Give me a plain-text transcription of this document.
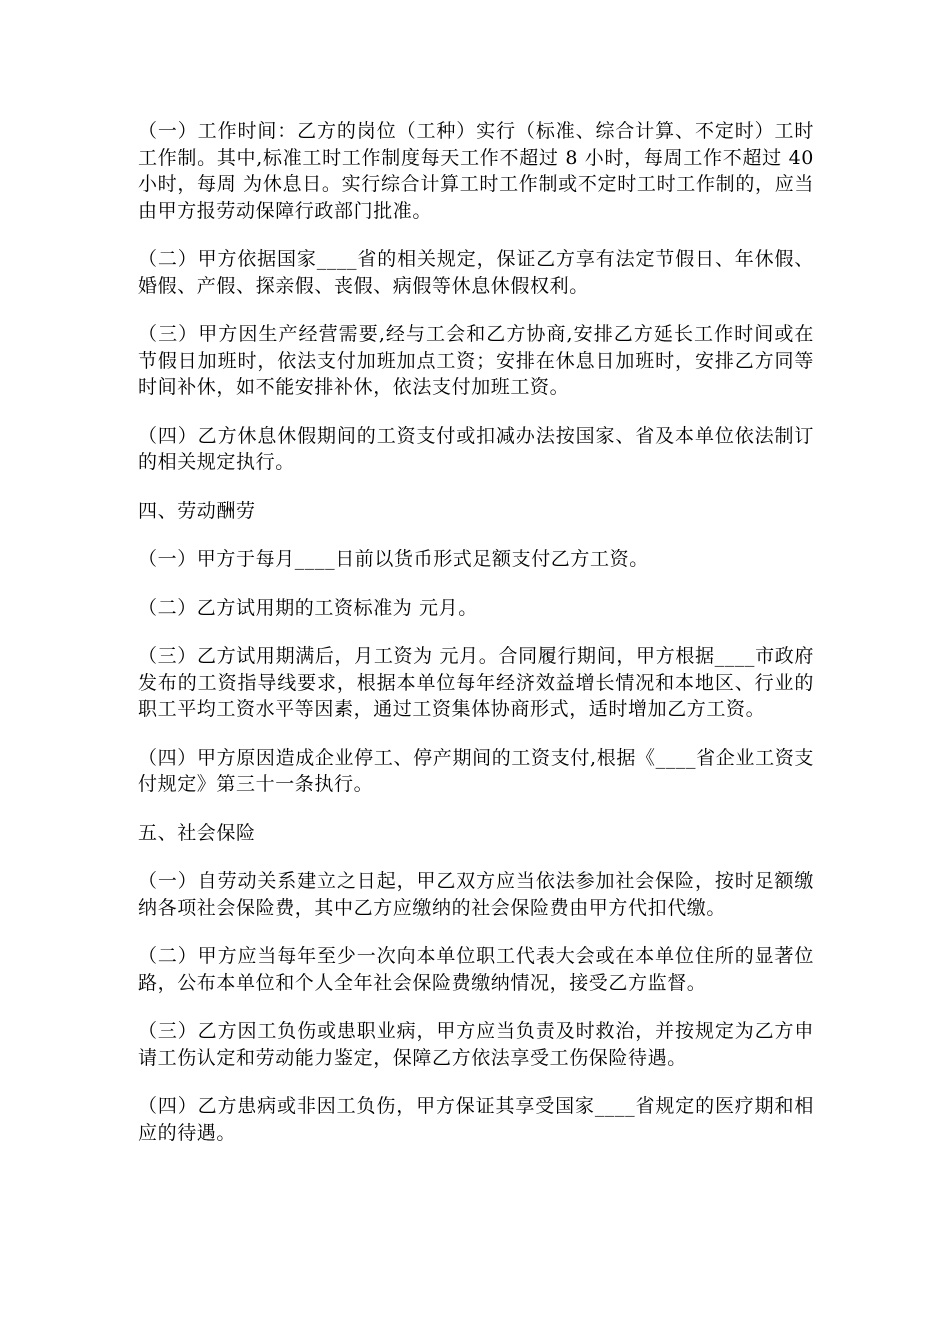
（一）工作时间：乙方的岗位（工种）实行（标准、综合计算、不定时）工时工作制。其中,标准工时工作制度每天工作不超过 8 小时，每周工作不超过 40 小时，每周 为休息日。实行综合计算工时工作制或不定时工时工作制的，应当由甲方报劳动保障行政部门批准。

（二）甲方依据国家____省的相关规定，保证乙方享有法定节假日、年休假、婚假、产假、探亲假、丧假、病假等休息休假权利。

（三）甲方因生产经营需要,经与工会和乙方协商,安排乙方延长工作时间或在节假日加班时，依法支付加班加点工资；安排在休息日加班时，安排乙方同等时间补休，如不能安排补休，依法支付加班工资。

（四）乙方休息休假期间的工资支付或扣减办法按国家、省及本单位依法制订的相关规定执行。

四、劳动酬劳

（一）甲方于每月____日前以货币形式足额支付乙方工资。

（二）乙方试用期的工资标准为 元月。

（三）乙方试用期满后，月工资为 元月。合同履行期间，甲方根据____市政府发布的工资指导线要求，根据本单位每年经济效益增长情况和本地区、行业的职工平均工资水平等因素，通过工资集体协商形式，适时增加乙方工资。

（四）甲方原因造成企业停工、停产期间的工资支付,根据《____省企业工资支付规定》第三十一条执行。

五、社会保险

（一）自劳动关系建立之日起，甲乙双方应当依法参加社会保险，按时足额缴纳各项社会保险费，其中乙方应缴纳的社会保险费由甲方代扣代缴。

（二）甲方应当每年至少一次向本单位职工代表大会或在本单位住所的显著位路，公布本单位和个人全年社会保险费缴纳情况，接受乙方监督。

（三）乙方因工负伤或患职业病，甲方应当负责及时救治，并按规定为乙方申请工伤认定和劳动能力鉴定，保障乙方依法享受工伤保险待遇。

（四）乙方患病或非因工负伤，甲方保证其享受国家____省规定的医疗期和相应的待遇。
